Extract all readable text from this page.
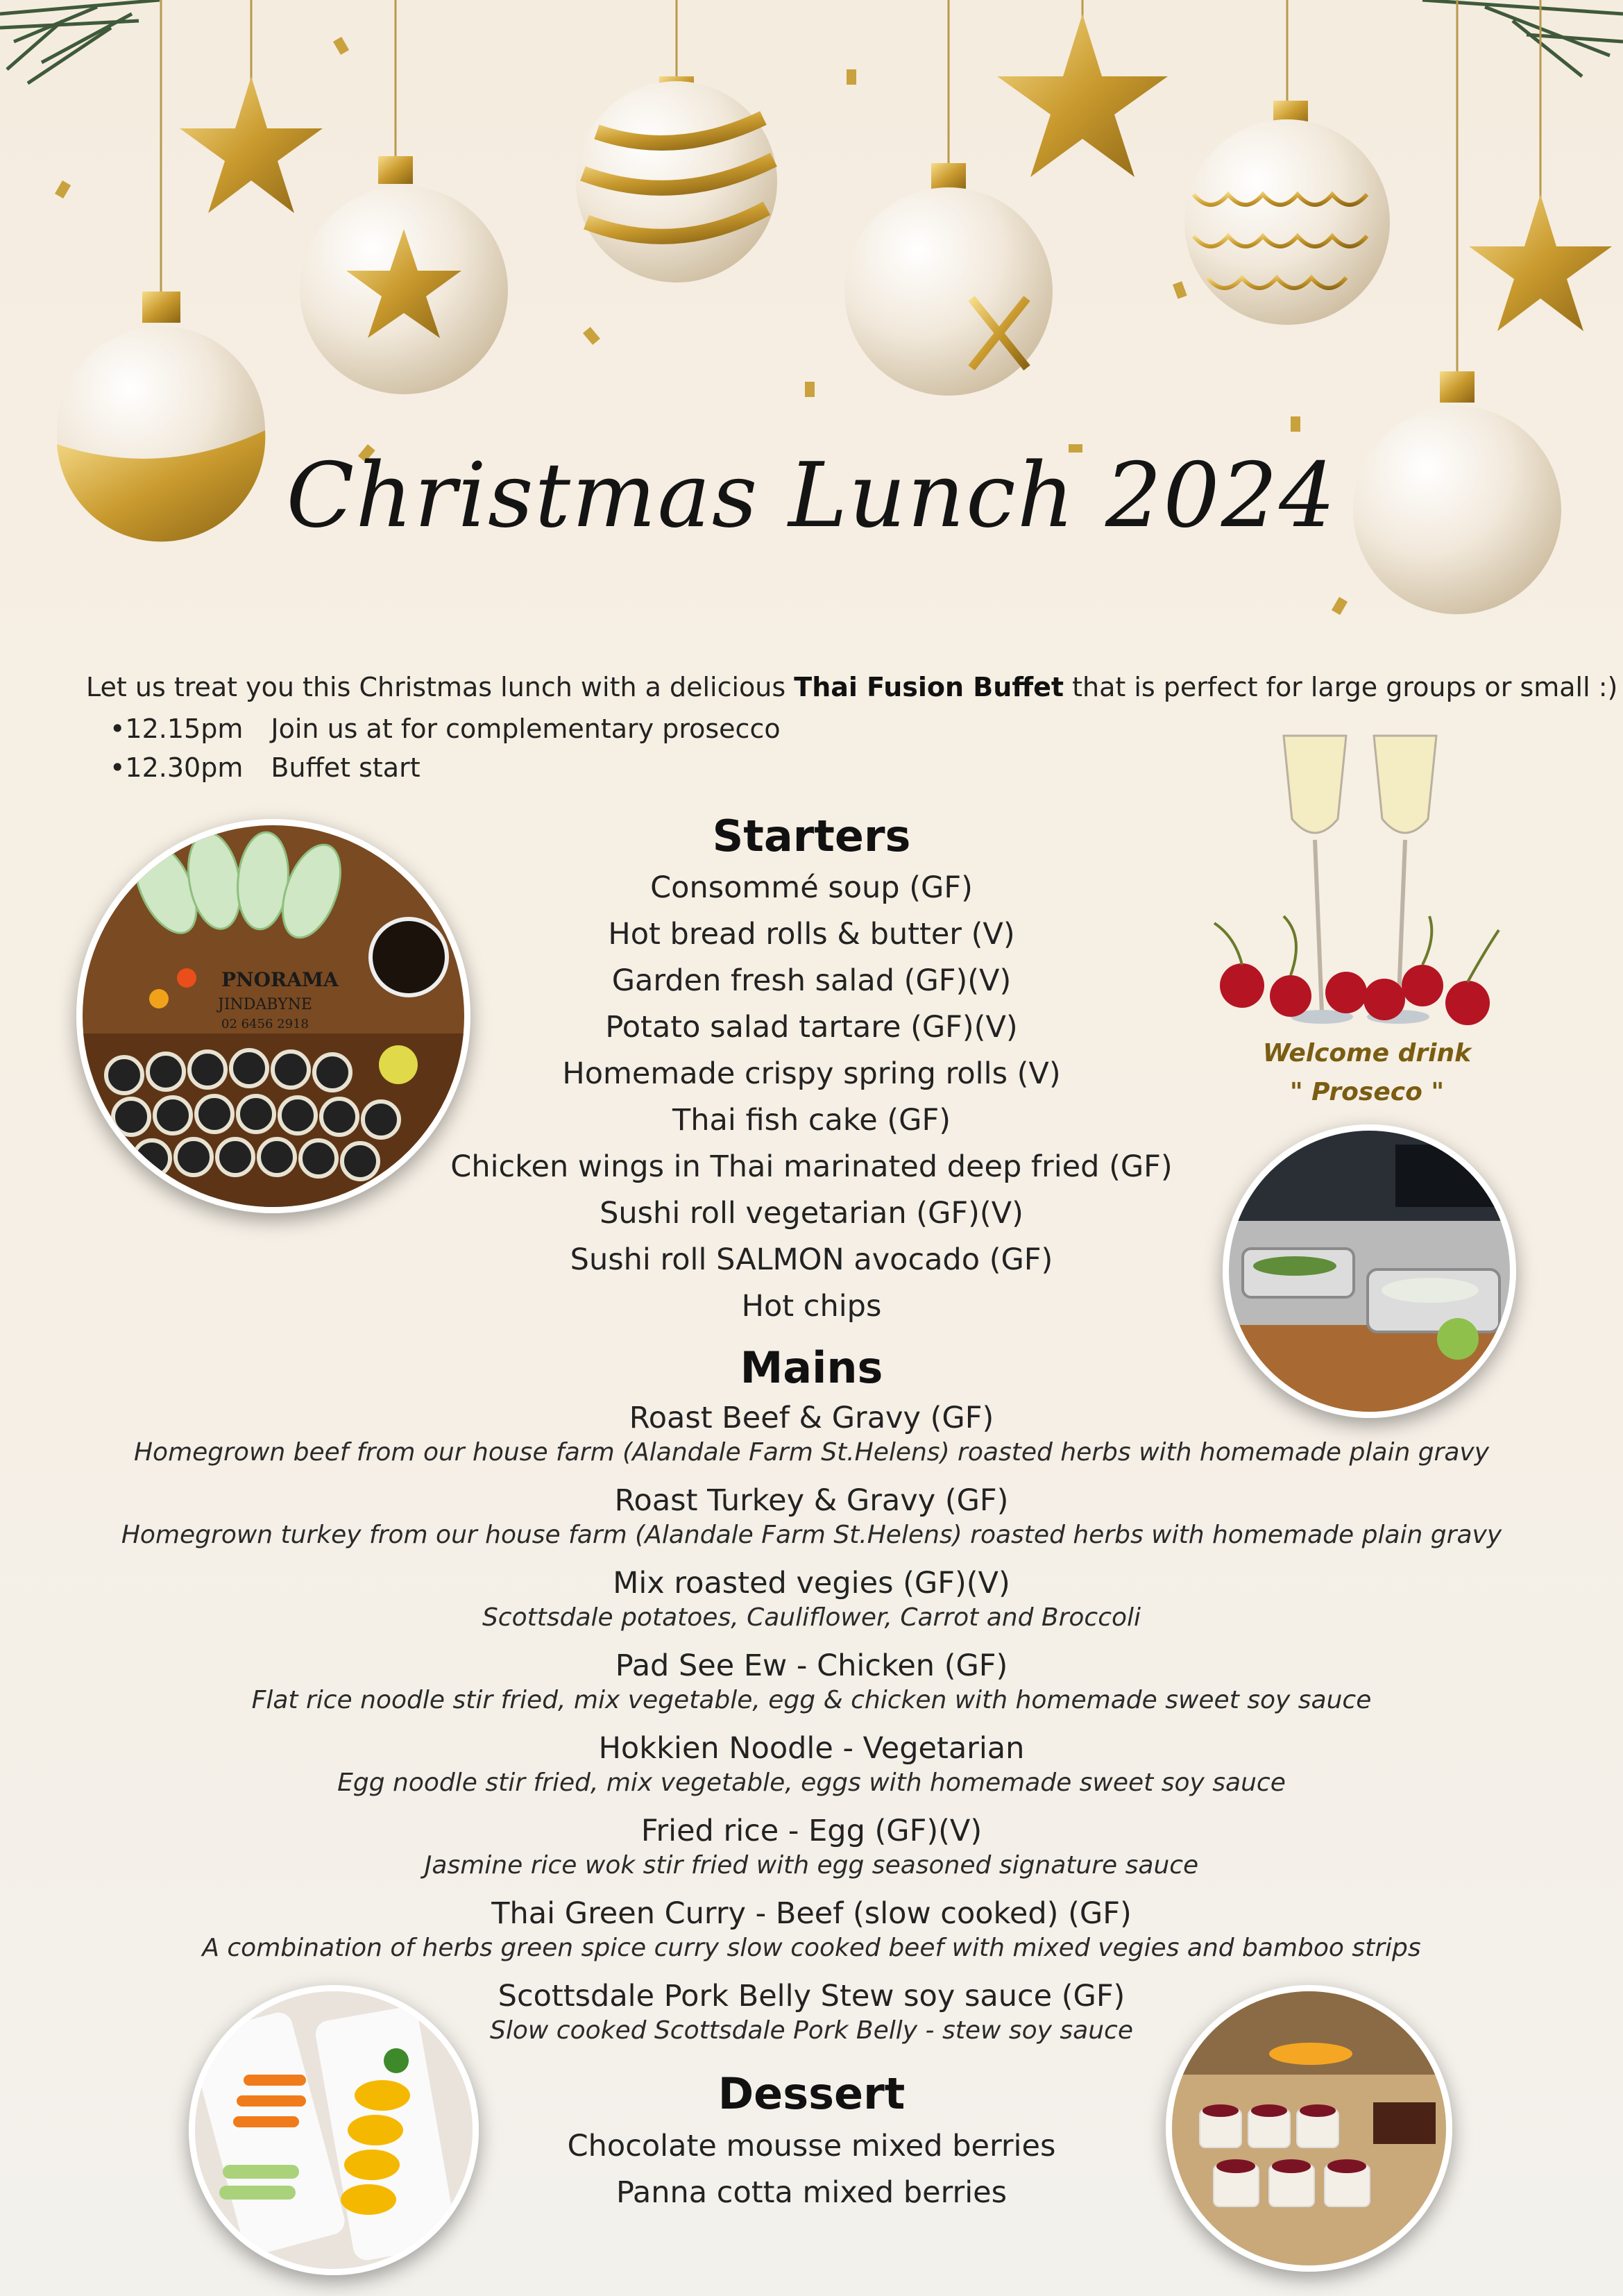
Christmas Lunch 2024
Let us treat you this Christmas lunch with a delicious Thai Fusion Buffet that is perfect for large groups or small :)
•12.15pm Join us at for complementary prosecco
•12.30pm Buffet start
Starters
Consommé soup (GF)
Hot bread rolls & butter (V)
Garden fresh salad (GF)(V)
Potato salad tartare (GF)(V)
Homemade crispy spring rolls (V)
Thai fish cake (GF)
Chicken wings in Thai marinated deep fried (GF)
Sushi roll vegetarian (GF)(V)
Sushi roll SALMON avocado (GF)
Hot chips
Mains
Roast Beef & Gravy (GF)
Homegrown beef from our house farm (Alandale Farm St.Helens) roasted herbs with homemade plain gravy
Roast Turkey & Gravy (GF)
Homegrown turkey from our house farm (Alandale Farm St.Helens) roasted herbs with homemade plain gravy
Mix roasted vegies (GF)(V)
Scottsdale potatoes, Cauliflower, Carrot and Broccoli
Pad See Ew - Chicken (GF)
Flat rice noodle stir fried, mix vegetable, egg & chicken with homemade sweet soy sauce
Hokkien Noodle - Vegetarian
Egg noodle stir fried, mix vegetable, eggs with homemade sweet soy sauce
Fried rice - Egg (GF)(V)
Jasmine rice wok stir fried with egg seasoned signature sauce
Thai Green Curry - Beef (slow cooked) (GF)
A combination of herbs green spice curry slow cooked beef with mixed vegies and bamboo strips
Scottsdale Pork Belly Stew soy sauce (GF)
Slow cooked Scottsdale Pork Belly - stew soy sauce
Dessert
Chocolate mousse mixed berries
Panna cotta mixed berries
PNORAMA
JINDABYNE
02 6456 2918
Welcome drink
" Proseco "
